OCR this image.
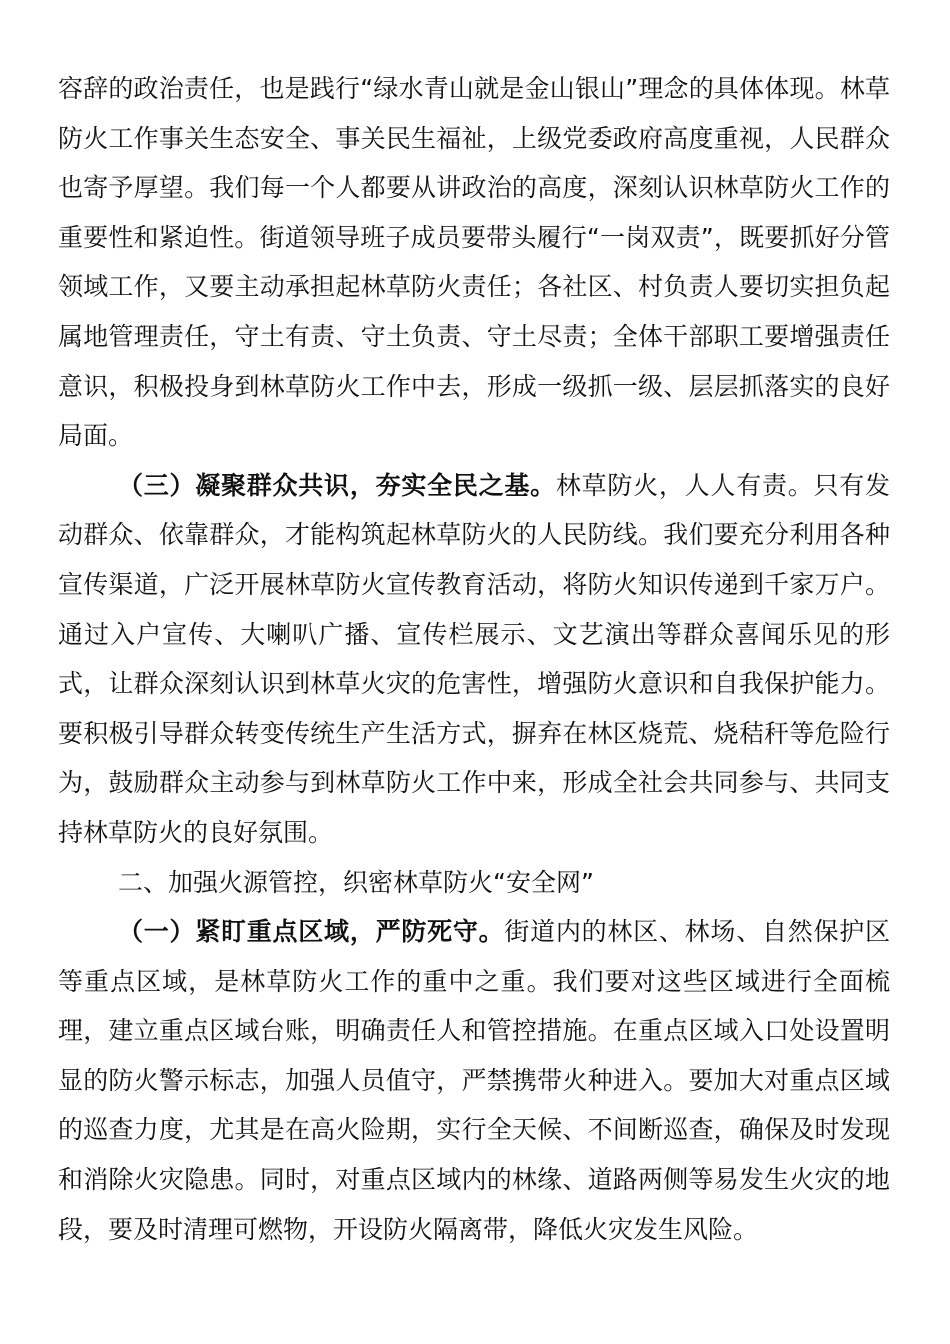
容辞的政治责任，也是践行“绿水青山就是金山银山”理念的具体体现。林草防火工作事关生态安全、事关民生福祉，上级党委政府高度重视，人民群众也寄予厚望。我们每一个人都要从讲政治的高度，深刻认识林草防火工作的重要性和紧迫性。街道领导班子成员要带头履行“一岗双责”，既要抓好分管领域工作，又要主动承担起林草防火责任；各社区、村负责人要切实担负起属地管理责任，守土有责、守土负责、守土尽责；全体干部职工要增强责任意识，积极投身到林草防火工作中去，形成一级抓一级、层层抓落实的良好局面。

（三）凝聚群众共识，夯实全民之基。林草防火，人人有责。只有发动群众、依靠群众，才能构筑起林草防火的人民防线。我们要充分利用各种宣传渠道，广泛开展林草防火宣传教育活动，将防火知识传递到千家万户。通过入户宣传、大喇叭广播、宣传栏展示、文艺演出等群众喜闻乐见的形式，让群众深刻认识到林草火灾的危害性，增强防火意识和自我保护能力。要积极引导群众转变传统生产生活方式，摒弃在林区烧荒、烧秸秆等危险行为，鼓励群众主动参与到林草防火工作中来，形成全社会共同参与、共同支持林草防火的良好氛围。

二、加强火源管控，织密林草防火“安全网”

（一）紧盯重点区域，严防死守。街道内的林区、林场、自然保护区等重点区域，是林草防火工作的重中之重。我们要对这些区域进行全面梳理，建立重点区域台账，明确责任人和管控措施。在重点区域入口处设置明显的防火警示标志，加强人员值守，严禁携带火种进入。要加大对重点区域的巡查力度，尤其是在高火险期，实行全天候、不间断巡查，确保及时发现和消除火灾隐患。同时，对重点区域内的林缘、道路两侧等易发生火灾的地段，要及时清理可燃物，开设防火隔离带，降低火灾发生风险。
